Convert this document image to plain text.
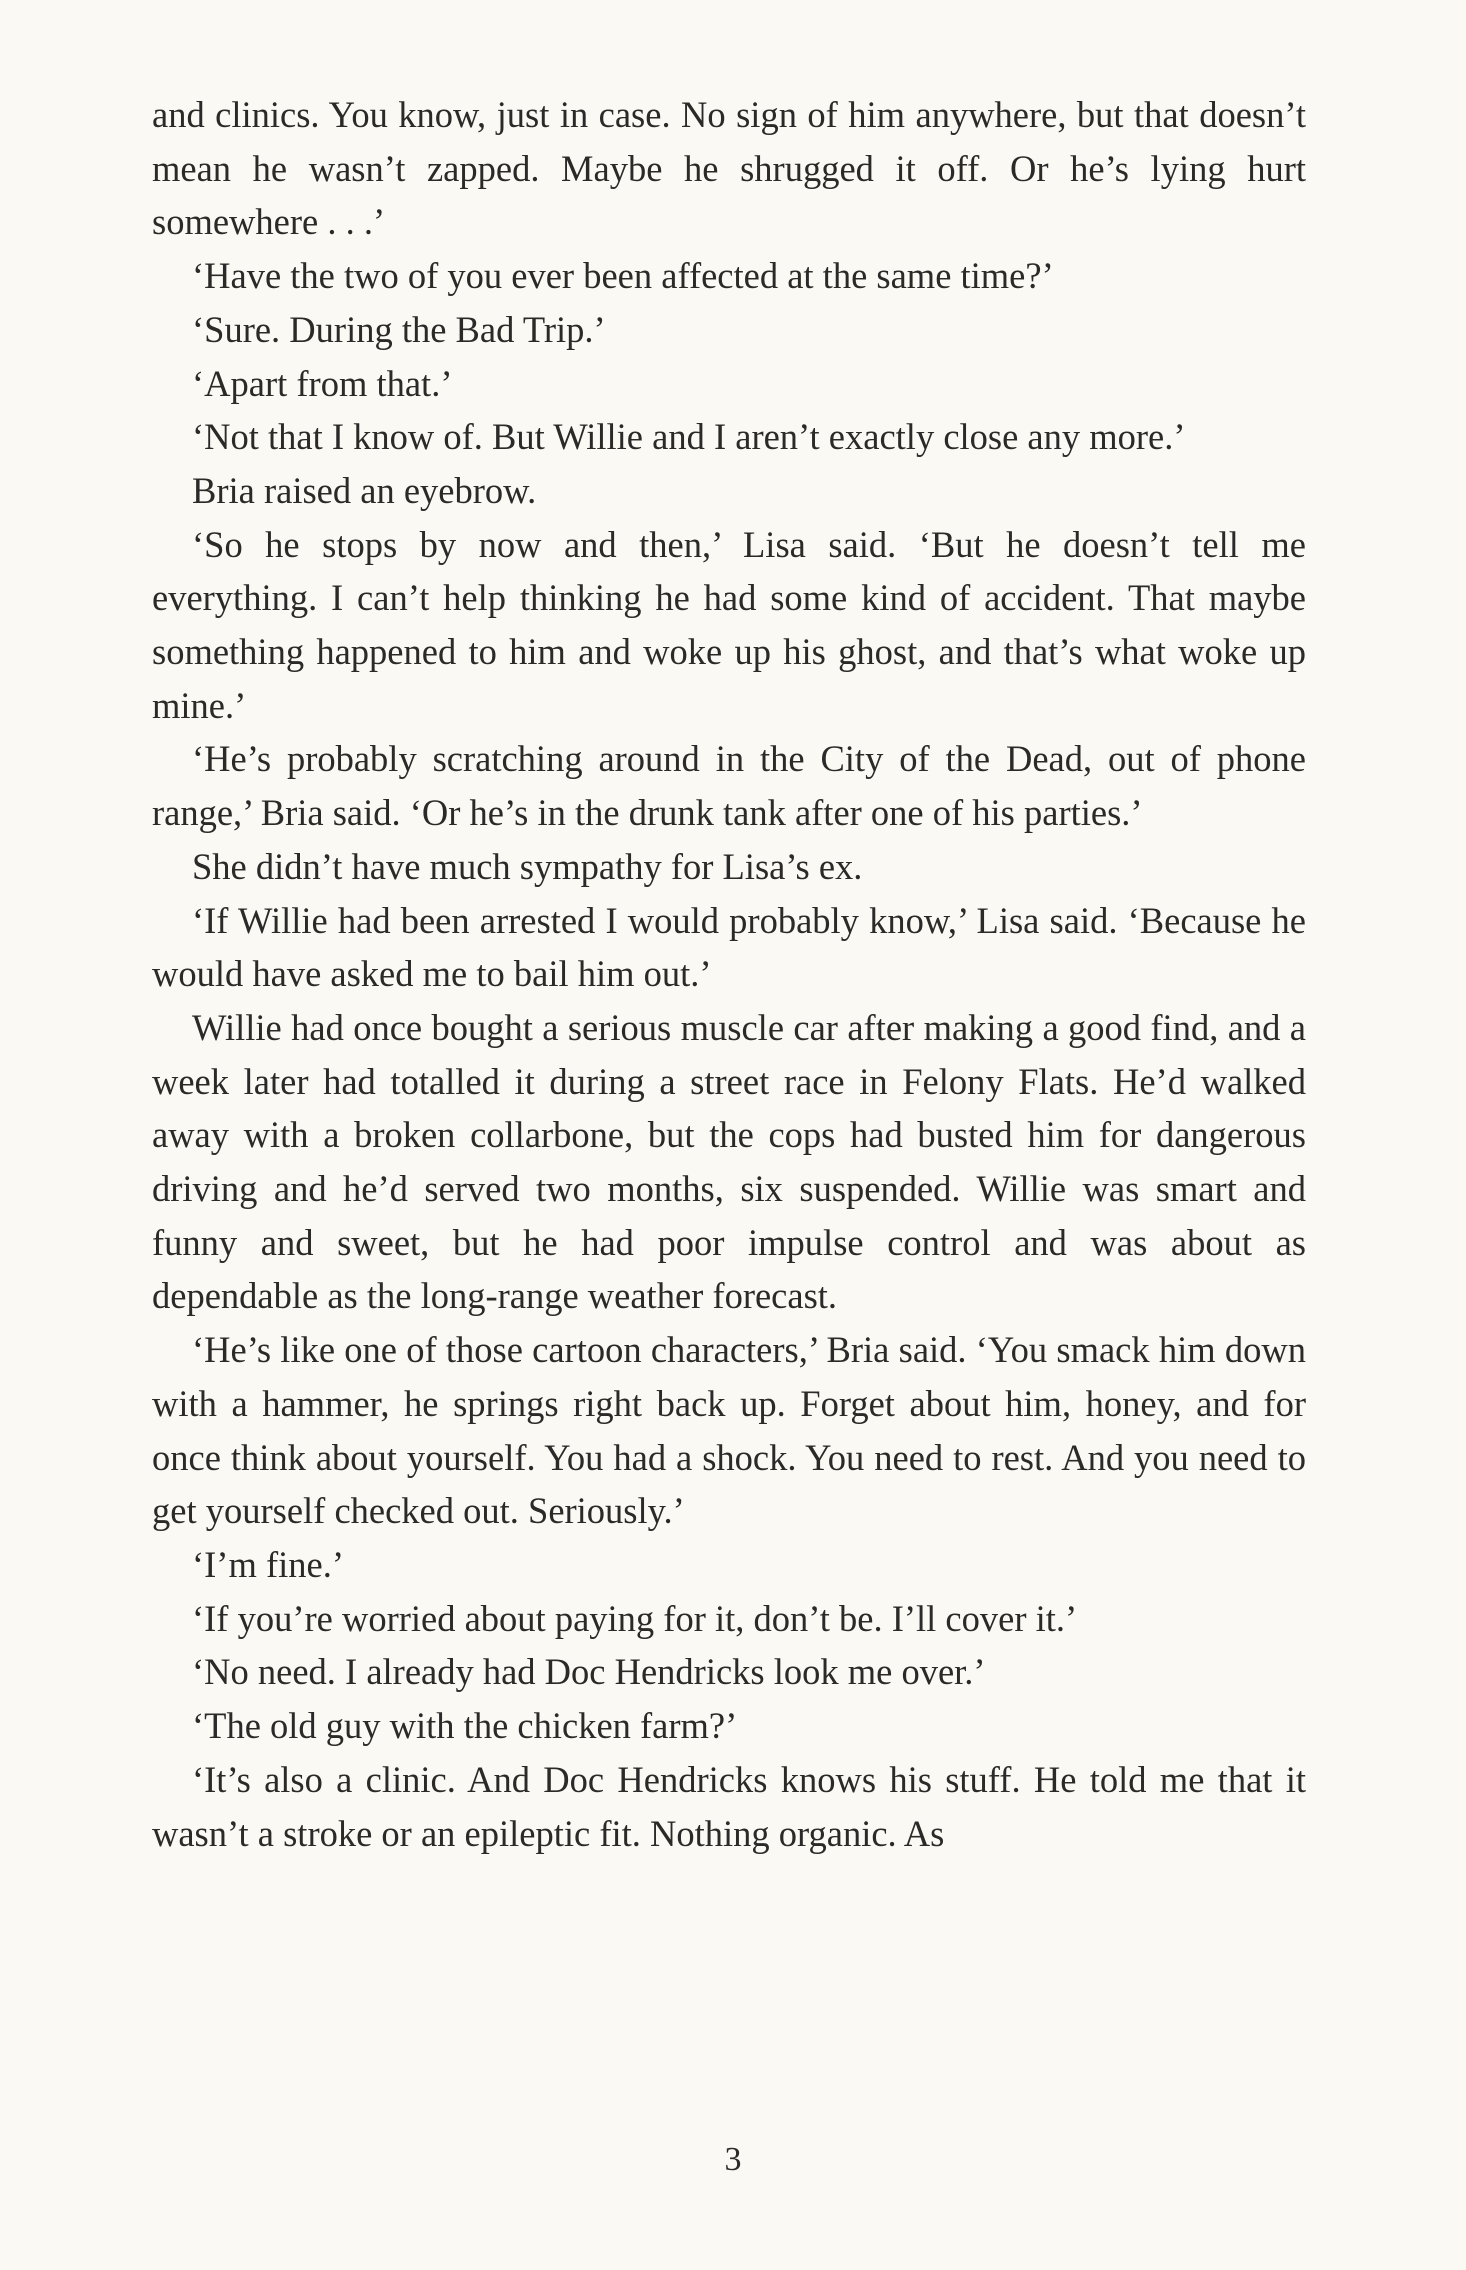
and clinics. You know, just in case. No sign of him anywhere, but that doesn’t mean he wasn’t zapped. Maybe he shrugged it off. Or he’s lying hurt somewhere . . .’

‘Have the two of you ever been affected at the same time?’

‘Sure. During the Bad Trip.’

‘Apart from that.’

‘Not that I know of. But Willie and I aren’t exactly close any more.’

Bria raised an eyebrow.

‘So he stops by now and then,’ Lisa said. ‘But he doesn’t tell me everything. I can’t help thinking he had some kind of accident. That maybe something happened to him and woke up his ghost, and that’s what woke up mine.’

‘He’s probably scratching around in the City of the Dead, out of phone range,’ Bria said. ‘Or he’s in the drunk tank after one of his parties.’

She didn’t have much sympathy for Lisa’s ex.

‘If Willie had been arrested I would probably know,’ Lisa said. ‘Because he would have asked me to bail him out.’

Willie had once bought a serious muscle car after making a good find, and a week later had totalled it during a street race in Felony Flats. He’d walked away with a broken collarbone, but the cops had busted him for dangerous driving and he’d served two months, six suspended. Willie was smart and funny and sweet, but he had poor impulse control and was about as dependable as the long-range weather forecast.

‘He’s like one of those cartoon characters,’ Bria said. ‘You smack him down with a hammer, he springs right back up. Forget about him, honey, and for once think about yourself. You had a shock. You need to rest. And you need to get yourself checked out. Seriously.’

‘I’m fine.’

‘If you’re worried about paying for it, don’t be. I’ll cover it.’

‘No need. I already had Doc Hendricks look me over.’

‘The old guy with the chicken farm?’

‘It’s also a clinic. And Doc Hendricks knows his stuff. He told me that it wasn’t a stroke or an epileptic fit. Nothing organic. As

3
